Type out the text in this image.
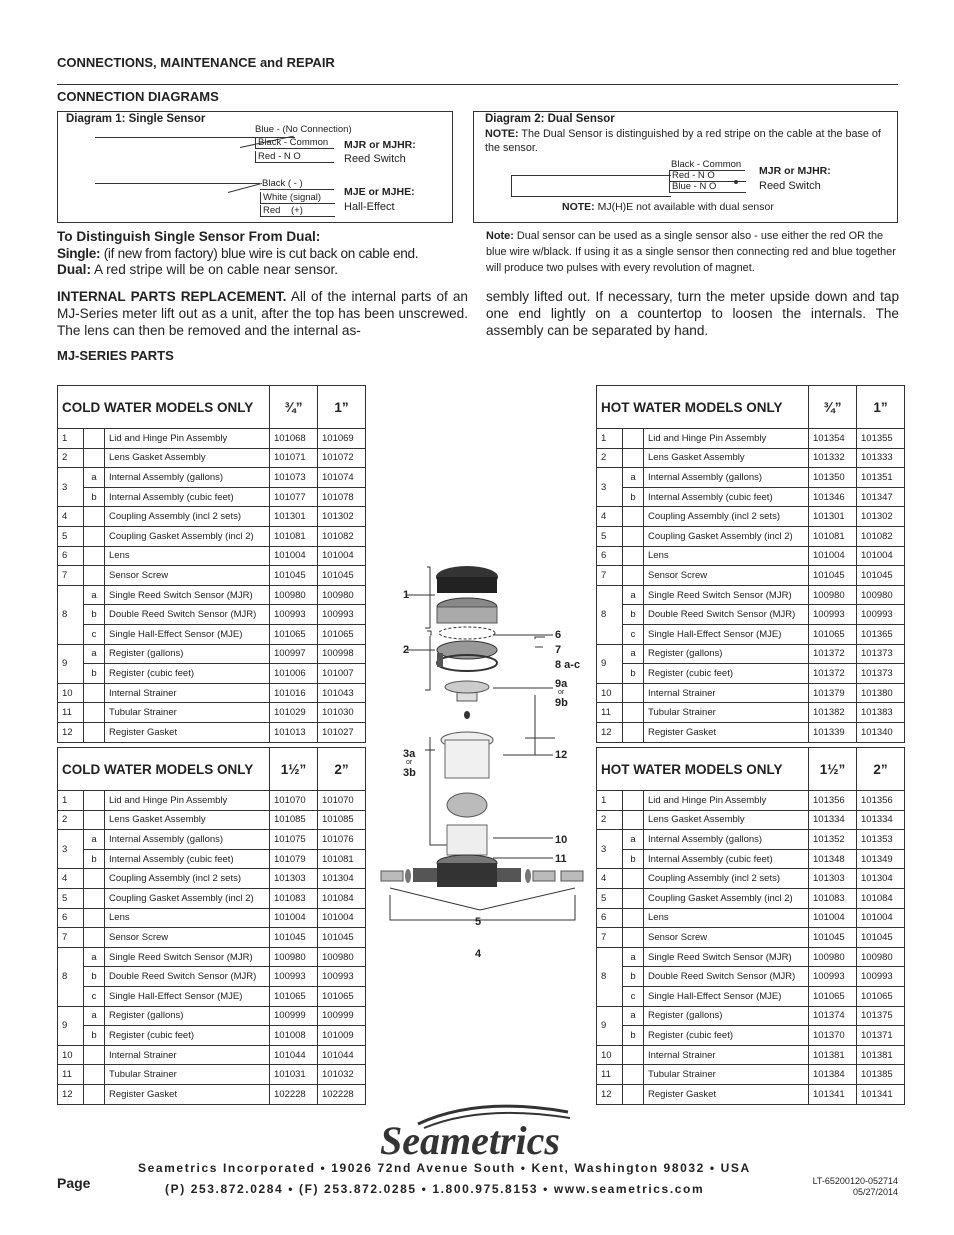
CONNECTIONS, MAINTENANCE and REPAIR
CONNECTION DIAGRAMS
Diagram 1: Single Sensor
Blue - (No Connection)
Black - Common
Red - N O
MJR or MJHR:
Reed Switch
Black ( - )
White (signal)
Red    (+)
MJE or MJHE:
Hall-Effect
Diagram 2: Dual Sensor
NOTE: The Dual Sensor is distinguished by a red stripe on the cable at the base of the sensor.
Black - Common
Red - N O
Blue - N O
MJR or MJHR:
Reed Switch
NOTE: MJ(H)E not available with dual sensor
To Distinguish Single Sensor From Dual:
Single: (if new from factory) blue wire is cut back on cable end.
Dual: A red stripe will be on cable near sensor.
Note: Dual sensor can be used as a single sensor also - use either the red OR the blue wire w/black. If using it as a single sensor then connecting red and blue together will produce two pulses with every revolution of magnet.
INTERNAL PARTS REPLACEMENT. All of the internal parts of an MJ-Series meter lift out as a unit, after the top has been unscrewed. The lens can then be removed and the internal as-
sembly lifted out. If necessary, turn the meter upside down and tap one end lightly on a countertop to loosen the internals. The assembly can be separated by hand.
MJ-SERIES PARTS
COLD WATER MODELS ONLY			¾”	1”
1		Lid and Hinge Pin Assembly	101068	101069
2		Lens Gasket Assembly	101071	101072
3	a	Internal Assembly (gallons)	101073	101074
	b	Internal Assembly (cubic feet)	101077	101078
4		Coupling Assembly (incl 2 sets)	101301	101302
5		Coupling Gasket Assembly (incl 2)	101081	101082
6		Lens	101004	101004
7		Sensor Screw	101045	101045
8	a	Single Reed Switch Sensor (MJR)	100980	100980
	b	Double Reed Switch Sensor (MJR)	100993	100993
	c	Single Hall-Effect Sensor (MJE)	101065	101065
9	a	Register (gallons)	100997	100998
	b	Register (cubic feet)	101006	101007
10		Internal Strainer	101016	101043
11		Tubular Strainer	101029	101030
12		Register Gasket	101013	101027
HOT WATER MODELS ONLY			¾”	1”
1		Lid and Hinge Pin Assembly	101354	101355
2		Lens Gasket Assembly	101332	101333
3	a	Internal Assembly (gallons)	101350	101351
	b	Internal Assembly (cubic feet)	101346	101347
4		Coupling Assembly (incl 2 sets)	101301	101302
5		Coupling Gasket Assembly (incl 2)	101081	101082
6		Lens	101004	101004
7		Sensor Screw	101045	101045
8	a	Single Reed Switch Sensor (MJR)	100980	100980
	b	Double Reed Switch Sensor (MJR)	100993	100993
	c	Single Hall-Effect Sensor (MJE)	101065	101365
9	a	Register (gallons)	101372	101373
	b	Register (cubic feet)	101372	101373
10		Internal Strainer	101379	101380
11		Tubular Strainer	101382	101383
12		Register Gasket	101339	101340
COLD WATER MODELS ONLY			1½”	2”
1		Lid and Hinge Pin Assembly	101070	101070
2		Lens Gasket Assembly	101085	101085
3	a	Internal Assembly (gallons)	101075	101076
	b	Internal Assembly (cubic feet)	101079	101081
4		Coupling Assembly (incl 2 sets)	101303	101304
5		Coupling Gasket Assembly (incl 2)	101083	101084
6		Lens	101004	101004
7		Sensor Screw	101045	101045
8	a	Single Reed Switch Sensor (MJR)	100980	100980
	b	Double Reed Switch Sensor (MJR)	100993	100993
	c	Single Hall-Effect Sensor (MJE)	101065	101065
9	a	Register (gallons)	100999	100999
	b	Register (cubic feet)	101008	101009
10		Internal Strainer	101044	101044
11		Tubular Strainer	101031	101032
12		Register Gasket	102228	102228
HOT WATER MODELS ONLY			1½”	2”
1		Lid and Hinge Pin Assembly	101356	101356
2		Lens Gasket Assembly	101334	101334
3	a	Internal Assembly (gallons)	101352	101353
	b	Internal Assembly (cubic feet)	101348	101349
4		Coupling Assembly (incl 2 sets)	101303	101304
5		Coupling Gasket Assembly (incl 2)	101083	101084
6		Lens	101004	101004
7		Sensor Screw	101045	101045
8	a	Single Reed Switch Sensor (MJR)	100980	100980
	b	Double Reed Switch Sensor (MJR)	100993	100993
	c	Single Hall-Effect Sensor (MJE)	101065	101065
9	a	Register (gallons)	101374	101375
	b	Register (cubic feet)	101370	101371
10		Internal Strainer	101381	101381
11		Tubular Strainer	101384	101385
12		Register Gasket	101341	101341
1
2
6
7
8 a-c
9a
or
9b
3a
or
3b
12
10
11
5
4
Seametrics
Page
Seametrics Incorporated • 19026 72nd Avenue South • Kent, Washington 98032 • USA
(P) 253.872.0284 • (F) 253.872.0285 • 1.800.975.8153 • www.seametrics.com
LT-65200120-052714
05/27/2014
